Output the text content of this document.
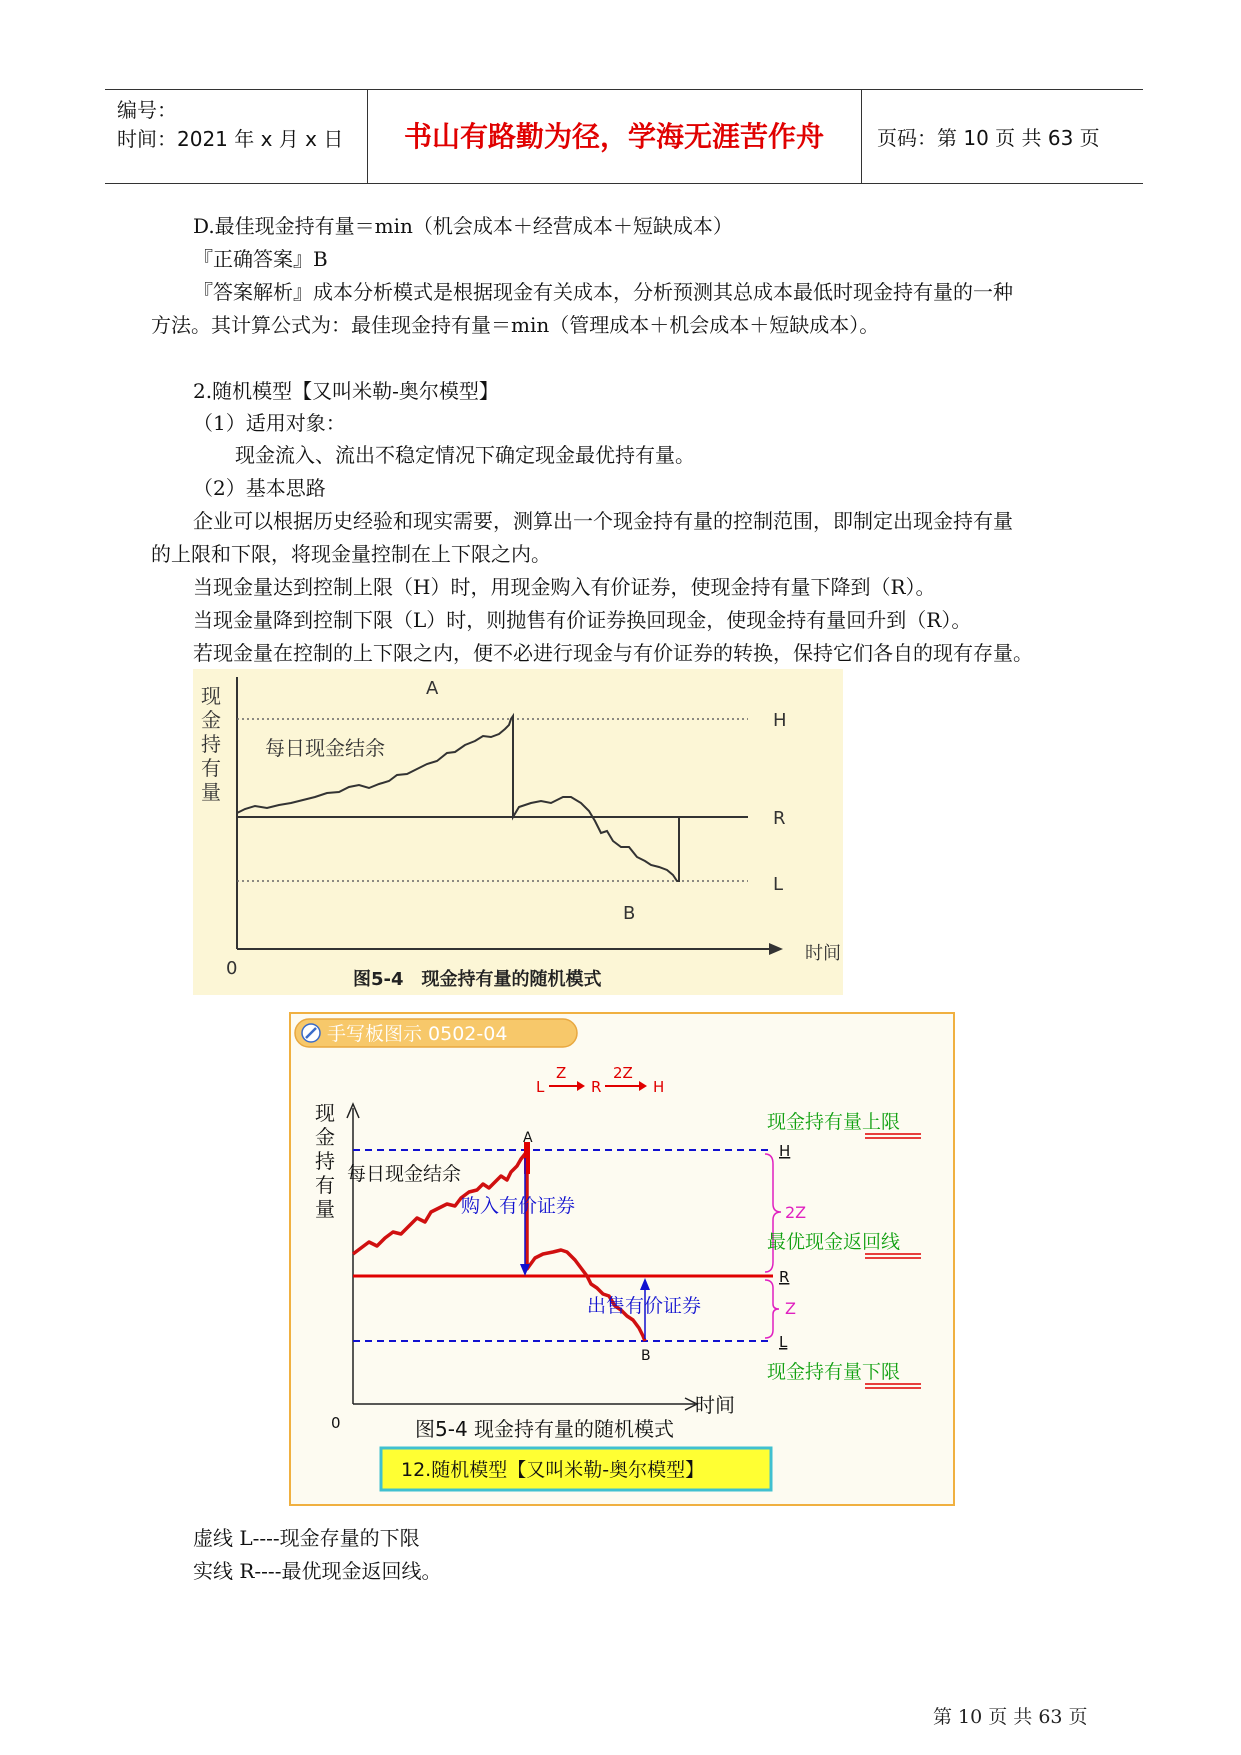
编号：
时间：2021 年 x 月 x 日	书山有路勤为径，学海无涯苦作舟	页码：第 10 页 共 63 页
D.最佳现金持有量＝min（机会成本＋经营成本＋短缺成本）
『正确答案』B
『答案解析』成本分析模式是根据现金有关成本，分析预测其总成本最低时现金持有量的一种
方法。其计算公式为：最佳现金持有量＝min（管理成本＋机会成本＋短缺成本）。
2.随机模型【又叫米勒-奥尔模型】
（1）适用对象：
现金流入、流出不稳定情况下确定现金最优持有量。
（2）基本思路
企业可以根据历史经验和现实需要，测算出一个现金持有量的控制范围，即制定出现金持有量
的上限和下限，将现金量控制在上下限之内。
当现金量达到控制上限（H）时，用现金购入有价证券，使现金持有量下降到（R）。
当现金量降到控制下限（L）时，则抛售有价证券换回现金，使现金持有量回升到（R）。
若现金量在控制的上下限之内，便不必进行现金与有价证券的转换，保持它们各自的现有存量。
现
金
持
有
量
A
B
H
R
L
每日现金结余
0
时间
图5-4　现金持有量的随机模式
手写板图示 0502-04
L
Z
R
2Z
H
现
金
持
有
量
A
B
每日现金结余
购入有价证券
出售有价证券
H
R
L
2Z
Z
现金持有量上限
最优现金返回线
现金持有量下限
0
时间
图5-4 现金持有量的随机模式
12.随机模型【又叫米勒-奥尔模型】
虚线 L----现金存量的下限
实线 R----最优现金返回线。
第 10 页 共 63 页
